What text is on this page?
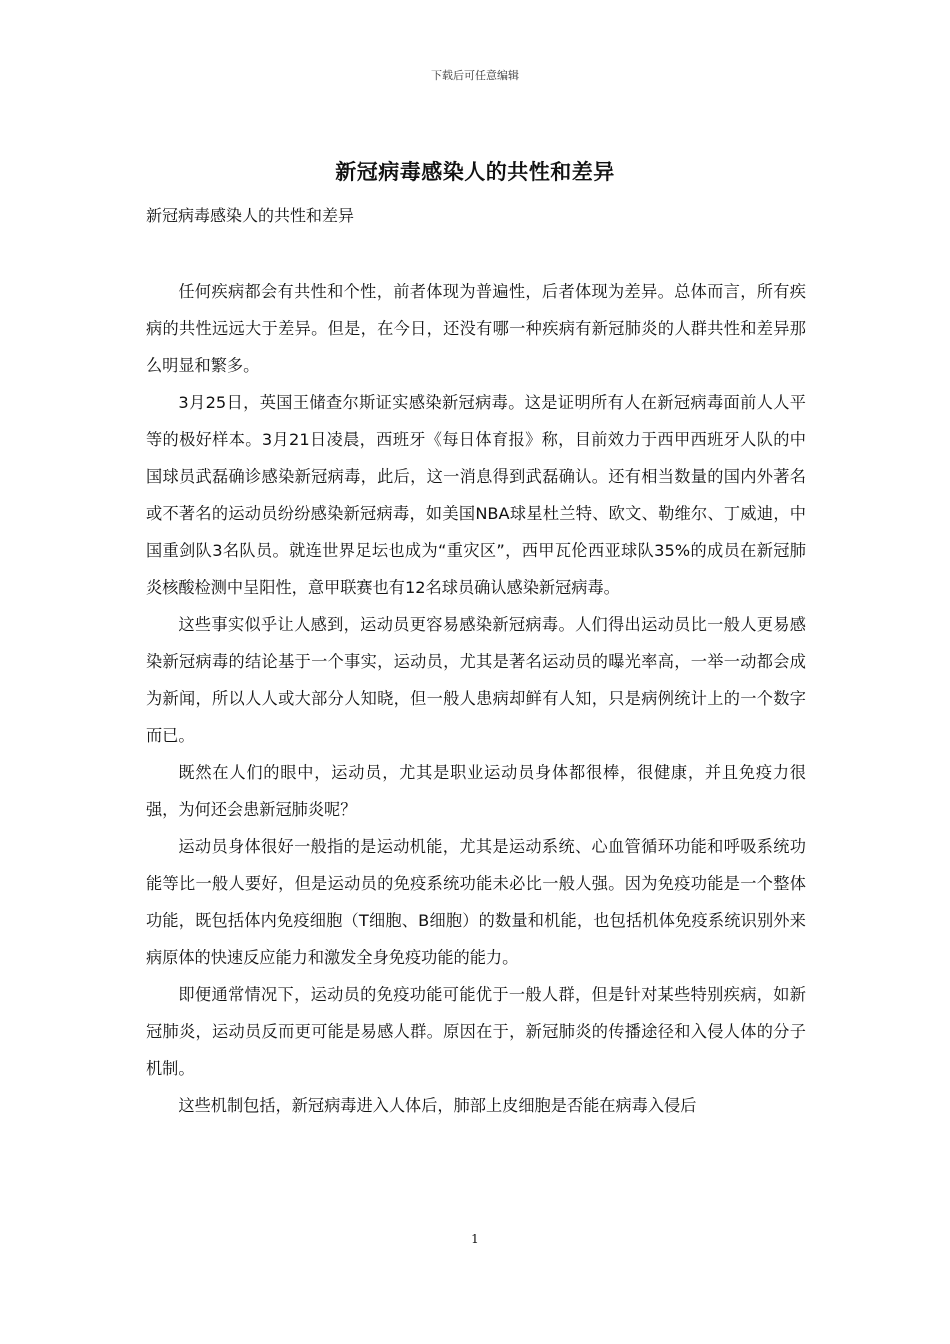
下载后可任意编辑
新冠病毒感染人的共性和差异
新冠病毒感染人的共性和差异

任何疾病都会有共性和个性，前者体现为普遍性，后者体现为差异。总体而言，所有疾病的共性远远大于差异。但是，在今日，还没有哪一种疾病有新冠肺炎的人群共性和差异那么明显和繁多。

3月25日，英国王储查尔斯证实感染新冠病毒。这是证明所有人在新冠病毒面前人人平等的极好样本。3月21日凌晨，西班牙《每日体育报》称，目前效力于西甲西班牙人队的中国球员武磊确诊感染新冠病毒，此后，这一消息得到武磊确认。还有相当数量的国内外著名或不著名的运动员纷纷感染新冠病毒，如美国NBA球星杜兰特、欧文、勒维尔、丁威迪，中国重剑队3名队员。就连世界足坛也成为“重灾区”，西甲瓦伦西亚球队35%的成员在新冠肺炎核酸检测中呈阳性，意甲联赛也有12名球员确认感染新冠病毒。

这些事实似乎让人感到，运动员更容易感染新冠病毒。人们得出运动员比一般人更易感染新冠病毒的结论基于一个事实，运动员，尤其是著名运动员的曝光率高，一举一动都会成为新闻，所以人人或大部分人知晓，但一般人患病却鲜有人知，只是病例统计上的一个数字而已。

既然在人们的眼中，运动员，尤其是职业运动员身体都很棒，很健康，并且免疫力很强，为何还会患新冠肺炎呢？

运动员身体很好一般指的是运动机能，尤其是运动系统、心血管循环功能和呼吸系统功能等比一般人要好，但是运动员的免疫系统功能未必比一般人强。因为免疫功能是一个整体功能，既包括体内免疫细胞（T细胞、B细胞）的数量和机能，也包括机体免疫系统识别外来病原体的快速反应能力和激发全身免疫功能的能力。

即便通常情况下，运动员的免疫功能可能优于一般人群，但是针对某些特别疾病，如新冠肺炎，运动员反而更可能是易感人群。原因在于，新冠肺炎的传播途径和入侵人体的分子机制。

这些机制包括，新冠病毒进入人体后，肺部上皮细胞是否能在病毒入侵后

1
